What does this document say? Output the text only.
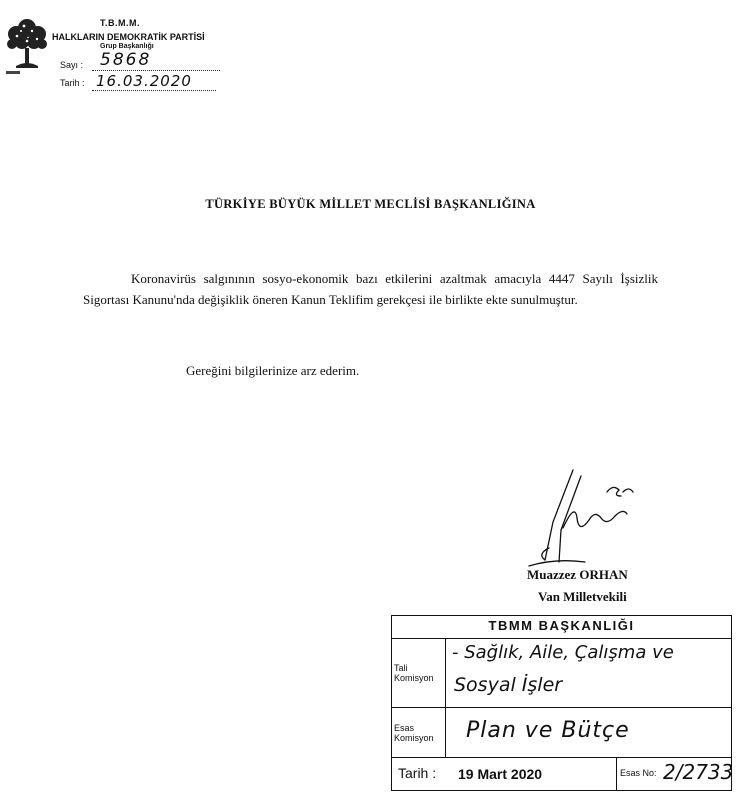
T.B.M.M.
HALKLARIN DEMOKRATİK PARTİSİ
Grup Başkanlığı
Sayı : 5868
Tarih : 16.03.2020
TÜRKİYE BÜYÜK MİLLET MECLİSİ BAŞKANLIĞINA

Koronavirüs salgınının sosyo-ekonomik bazı etkilerini azaltmak amacıyla 4447 Sayılı İşsizlik Sigortası Kanunu'nda değişiklik öneren Kanun Teklifim gerekçesi ile birlikte ekte sunulmuştur.

Gereğini bilgilerinize arz ederim.
Muazzez ORHAN
Van Milletvekili
TBMM BAŞKANLIĞI
Tali
Komisyon
- Sağlık, Aile, Çalışma ve
Sosyal İşler
Esas
Komisyon	Plan ve Bütçe
Tarih : 19 Mart 2020	Esas No: 2/2733
